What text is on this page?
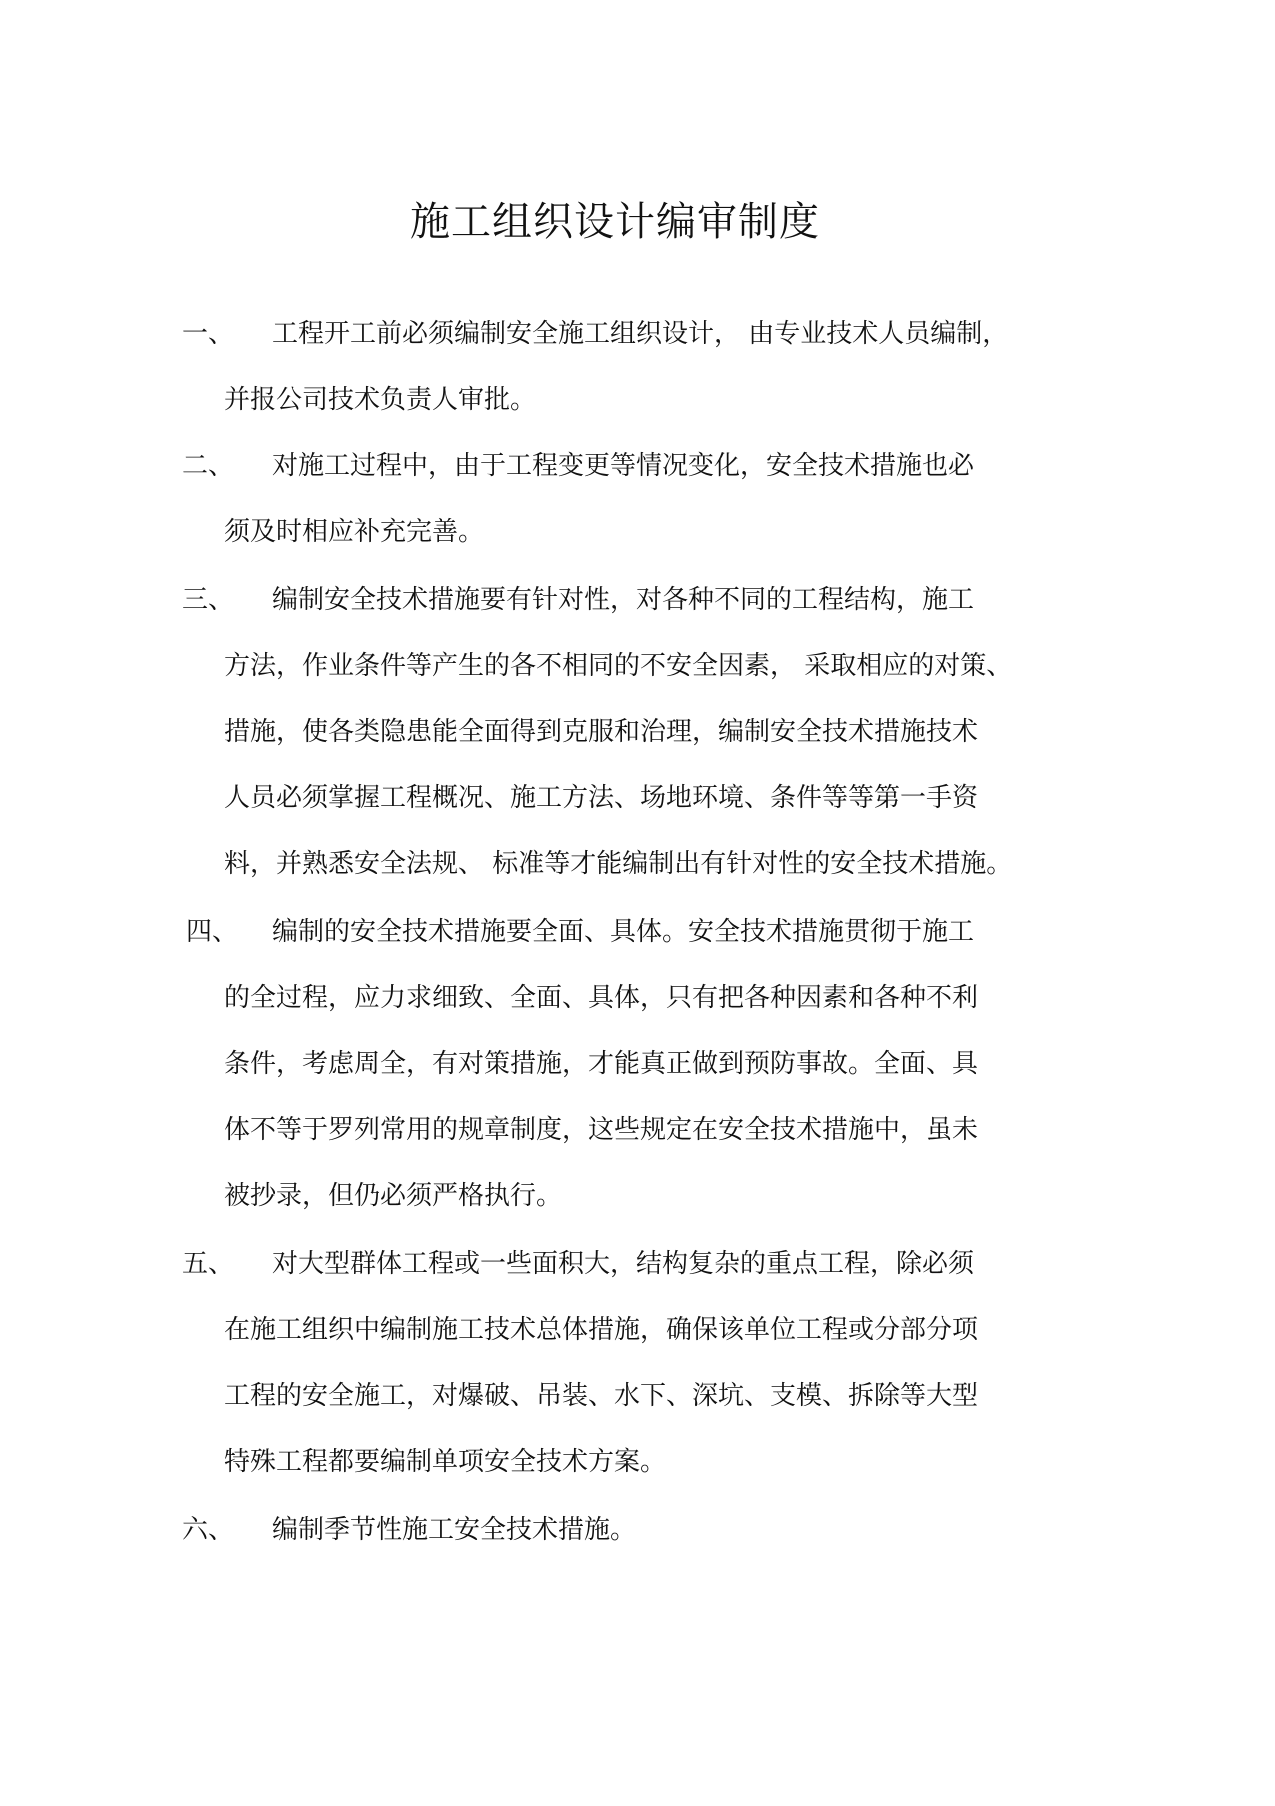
施工组织设计编审制度
一、 工程开工前必须编制安全施工组织设计， 由专业技术人员编制，
并报公司技术负责人审批。
二、 对施工过程中，由于工程变更等情况变化，安全技术措施也必
须及时相应补充完善。
三、 编制安全技术措施要有针对性，对各种不同的工程结构，施工
方法，作业条件等产生的各不相同的不安全因素， 采取相应的对策、
措施，使各类隐患能全面得到克服和治理，编制安全技术措施技术
人员必须掌握工程概况、施工方法、场地环境、条件等等第一手资
料，并熟悉安全法规、 标准等才能编制出有针对性的安全技术措施。
四、 编制的安全技术措施要全面、具体。安全技术措施贯彻于施工
的全过程，应力求细致、全面、具体，只有把各种因素和各种不利
条件，考虑周全，有对策措施，才能真正做到预防事故。全面、具
体不等于罗列常用的规章制度，这些规定在安全技术措施中，虽未
被抄录，但仍必须严格执行。
五、 对大型群体工程或一些面积大，结构复杂的重点工程，除必须
在施工组织中编制施工技术总体措施，确保该单位工程或分部分项
工程的安全施工，对爆破、吊装、水下、深坑、支模、拆除等大型
特殊工程都要编制单项安全技术方案。
六、 编制季节性施工安全技术措施。
